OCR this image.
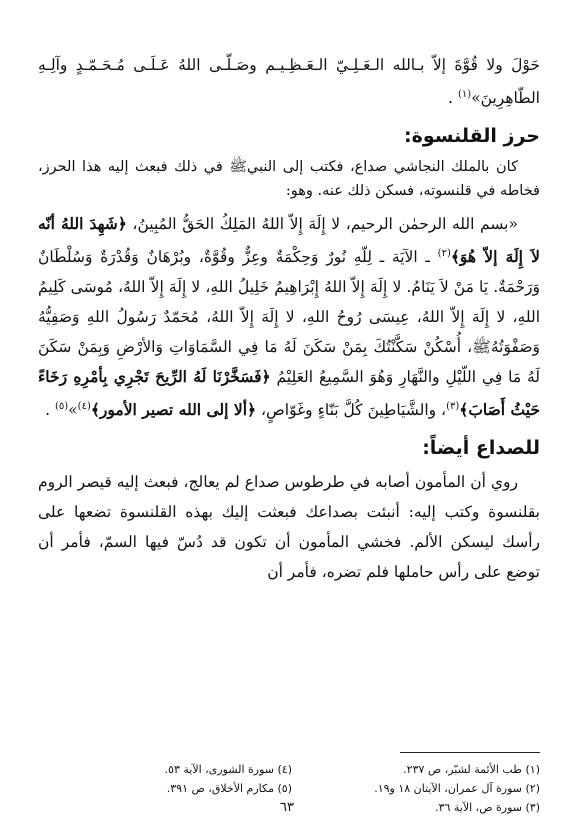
حَوْلَ ولا قُوَّةَ إلاّ بـالله الـعَـلِـيّ الـعَـظِـيـم وصَـلّـى اللهُ عَـلَـى مُـحَـمّـدٍ وآلِـهِ الطّاهِرِينَ»$^{(١)}$ .

حرز القلنسوة:

كان بالملك النجاشي صداع، فكتب إلى النبيﷺ في ذلك فبعث إليه هذا الحرز، فخاطه في قلنسوته، فسكن ذلك عنه. وهو:

«بسم الله الرحمٰن الرحيم، لا إِلَهَ إِلاّ اللهُ المَلِكُ الحَقُّ المُبِينُ، ﴿شَهِدَ اللهُ أنّه لاَ إِلَهَ إلاّ هُوَ﴾$^{(٢)}$ ـ الآيَة ـ لِلّهِ نُورٌ وَحِكْمَةٌ وعِزٌّ وقُوَّةٌ، وبُرْهَانٌ وَقُدْرَةٌ وَسُلْطَانٌ وَرَحْمَةٌ. يَا مَنْ لاَ يَنَامُ. لا إِلَهَ إِلاّ اللهُ إِبْرَاهِيمُ خَلِيلُ اللهِ، لا إِلَهَ إِلاّ اللهُ، مُوسَى كَلِيمُ اللهِ، لا إِلَهَ إِلاّ اللهُ، عِيسَى رُوحُ اللهِ، لا إِلَهَ إِلاّ اللهُ، مُحَمّدٌ رَسُولُ اللهِ وَصَفِيُّهُ وَصَفْوَتُهُﷺ، أُسْكُنْ سَكَّنْتُكَ بِمَنْ سَكَنَ لَهُ مَا فِي السَّمَاوَاتِ وَالأرْضِ وَبِمَنْ سَكَنَ لَهُ مَا فِي اللّيْلِ والنَّهَارِ وَهُوَ السَّمِيعُ العَلِيْمُ ﴿فَسَخَّرْنَا لَهُ الرِّيحَ تَجْرِي بِأمْرِهِ رَخَاءً حَيْثُ أَصَابَ﴾$^{(٣)}$، والشَّيَاطِينَ كُلَّ بَنّاءٍ وغَوّاصٍ، ﴿ألا إلى الله تصير الأمور﴾$^{(٤)}$»$^{(٥)}$ .

للصداع أيضاً:

روي أن المأمون أصابه في طرطوس صداع لم يعالج، فبعث إليه قيصر الروم بقلنسوة وكتب إليه: أنبئت بصداعك فبعثت إليك بهذه القلنسوة تضعها على رأسك ليسكن الألم. فخشي المأمون أن تكون قد دُسّ فيها السمّ، فأمر أن توضع على رأس حاملها فلم تضره، فأمر أن

(١) طب الأئمة لشبّر، ص ٢٣٧.
(٢) سورة آل عمران، الآيتان ١٨ و١٩.
(٣) سورة ص، الآية ٣٦.
(٤) سورة الشورى، الآية ٥٣.
(٥) مكارم الأخلاق، ص ٣٩١.
٦٣
